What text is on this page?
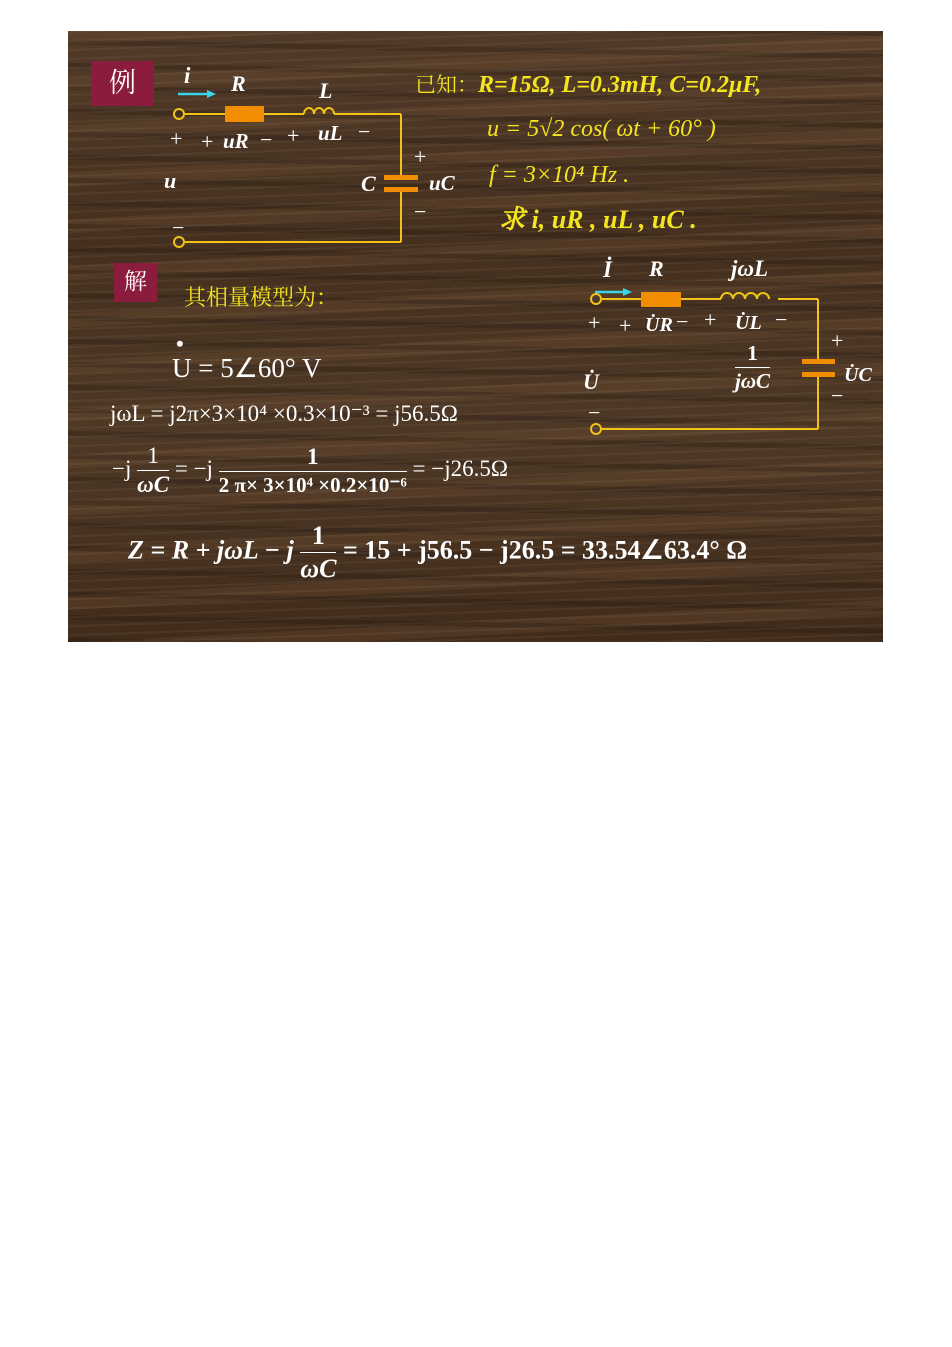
例	i R	L
+ + uR − + uL −
+
C	uC
−
u
−
已知：R=15Ω, L=0.3mH, C=0.2μF,
u = 5√2 cos( ωt + 60° )
f = 3×10⁴ Hz .
求 i, uR , uL , uC .
解
其相量模型为：
•
U = 5∠60° V
jωL = j2π×3×10⁴ ×0.3×10⁻³ = j56.5Ω
$-j \frac{1}{\omega C} = -j \frac{1}{\text{2 π× 3×10⁴ ×0.2×10⁻⁶}} = -j26.5\Omega$
Z = R + jωL − j $\frac{1}{\omega C} = 15 + j56.5 - j26.5$ = 33.54∠63.4° Ω
İ R	jωL
+ + U̇R − + U̇L −
+
$\frac{1}{\text{jωC}}$	U̇C
−
U̇
−
